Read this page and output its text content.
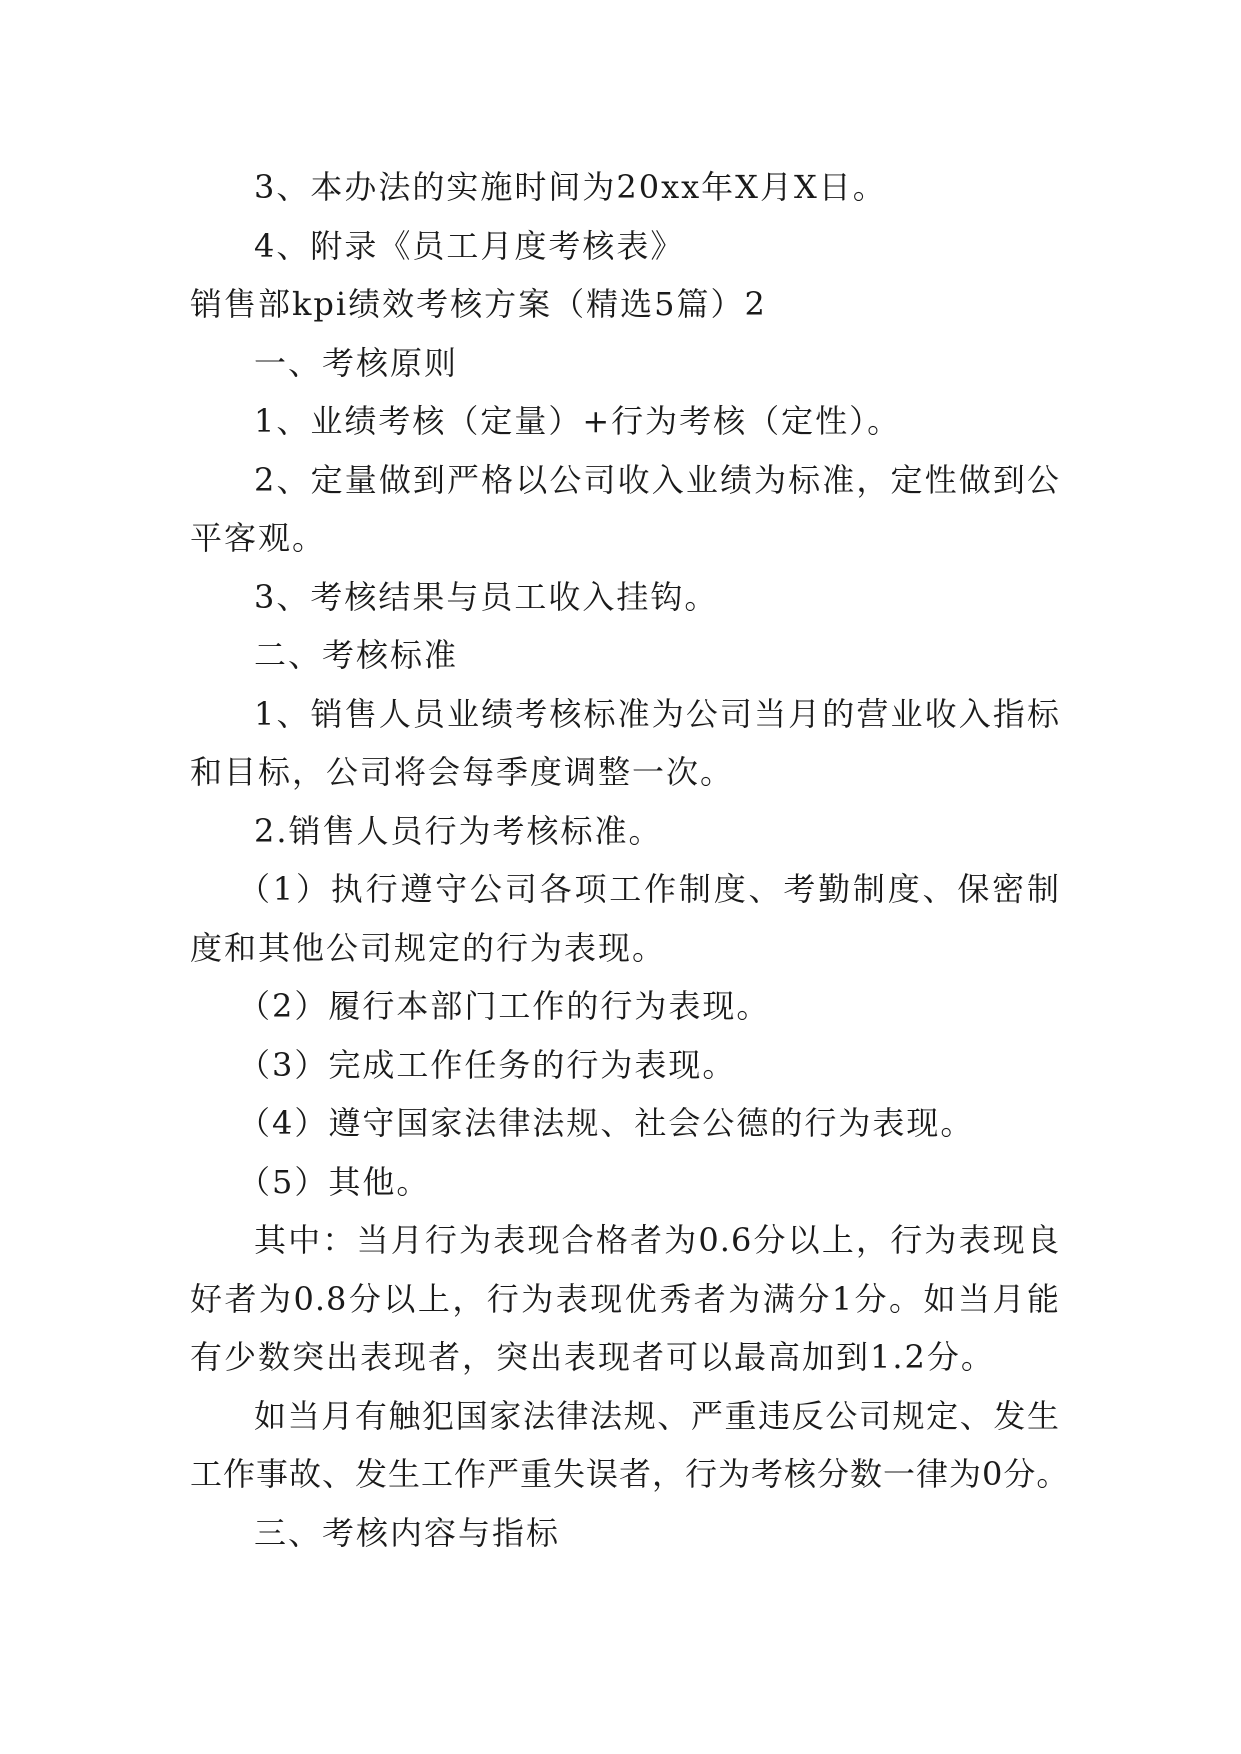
3、本办法的实施时间为20xx年X月X日。
4、附录《员工月度考核表》
销售部kpi绩效考核方案（精选5篇）2
一、考核原则
1、业绩考核（定量）+行为考核（定性）。
2、定量做到严格以公司收入业绩为标准，定性做到公
平客观。
3、考核结果与员工收入挂钩。
二、考核标准
1、销售人员业绩考核标准为公司当月的营业收入指标
和目标，公司将会每季度调整一次。
2.销售人员行为考核标准。
（1）执行遵守公司各项工作制度、考勤制度、保密制
度和其他公司规定的行为表现。
（2）履行本部门工作的行为表现。
（3）完成工作任务的行为表现。
（4）遵守国家法律法规、社会公德的行为表现。
（5）其他。
其中：当月行为表现合格者为0.6分以上，行为表现良
好者为0.8分以上，行为表现优秀者为满分1分。如当月能
有少数突出表现者，突出表现者可以最高加到1.2分。
如当月有触犯国家法律法规、严重违反公司规定、发生
工作事故、发生工作严重失误者，行为考核分数一律为0分。
三、考核内容与指标
